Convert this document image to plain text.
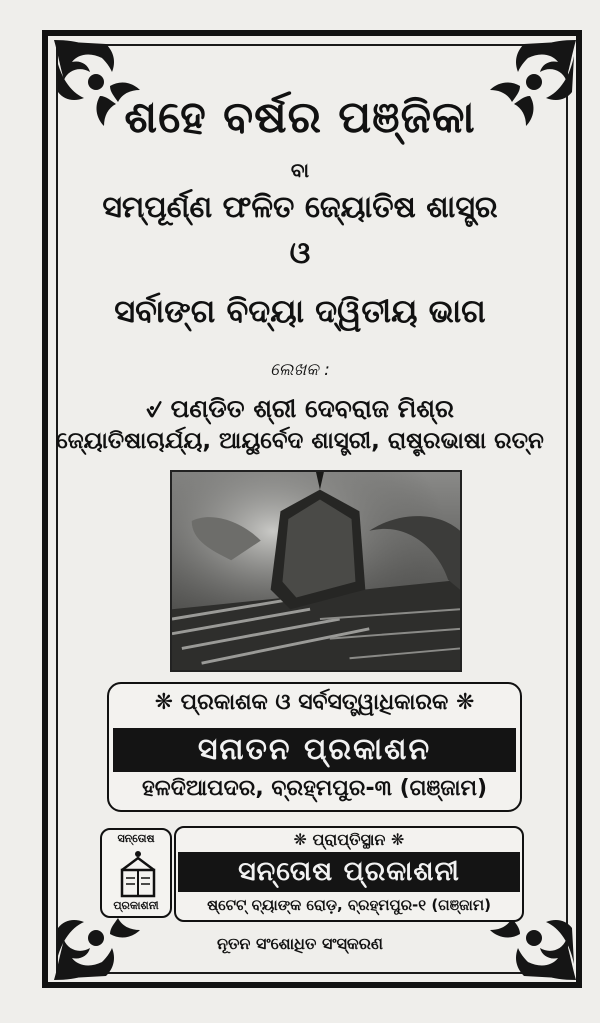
ଶହେ ବର୍ଷର ପଞ୍ଜିକା
ବା
ସମ୍ପୂର୍ଣ୍ଣ ଫଳିତ ଜ୍ୟୋତିଷ ଶାସ୍ତ୍ର
ଓ
ସର୍ବାଙ୍ଗ ବିଦ୍ୟା ଦ୍ୱିତୀୟ ଭାଗ
ଲେଖକ :
୰ ପଣ୍ଡିତ ଶ୍ରୀ ଦେବରାଜ ମିଶ୍ର
ଜ୍ୟୋତିଷାଚାର୍ଯ୍ୟ, ଆୟୁର୍ବେଦ ଶାସ୍ତ୍ରୀ, ରାଷ୍ଟ୍ରଭାଷା ରତ୍ନ
❋ ପ୍ରକାଶକ ଓ ସର୍ବସତ୍ତ୍ୱାଧିକାରକ ❋
ସନାତନ ପ୍ରକାଶନ
ହଳଦିଆପଦର, ବ୍ରହ୍ମପୁର-୩ (ଗଞ୍ଜାମ)
ସନ୍ତୋଷ
ପ୍ରକାଶନୀ
❋ ପ୍ରାପ୍ତିସ୍ଥାନ ❋
ସନ୍ତୋଷ ପ୍ରକାଶନୀ
ଷ୍ଟେଟ୍ ବ୍ୟାଙ୍କ ରୋଡ଼, ବ୍ରହ୍ମପୁର-୧ (ଗଞ୍ଜାମ)
ନୂତନ ସଂଶୋଧିତ ସଂସ୍କରଣ
